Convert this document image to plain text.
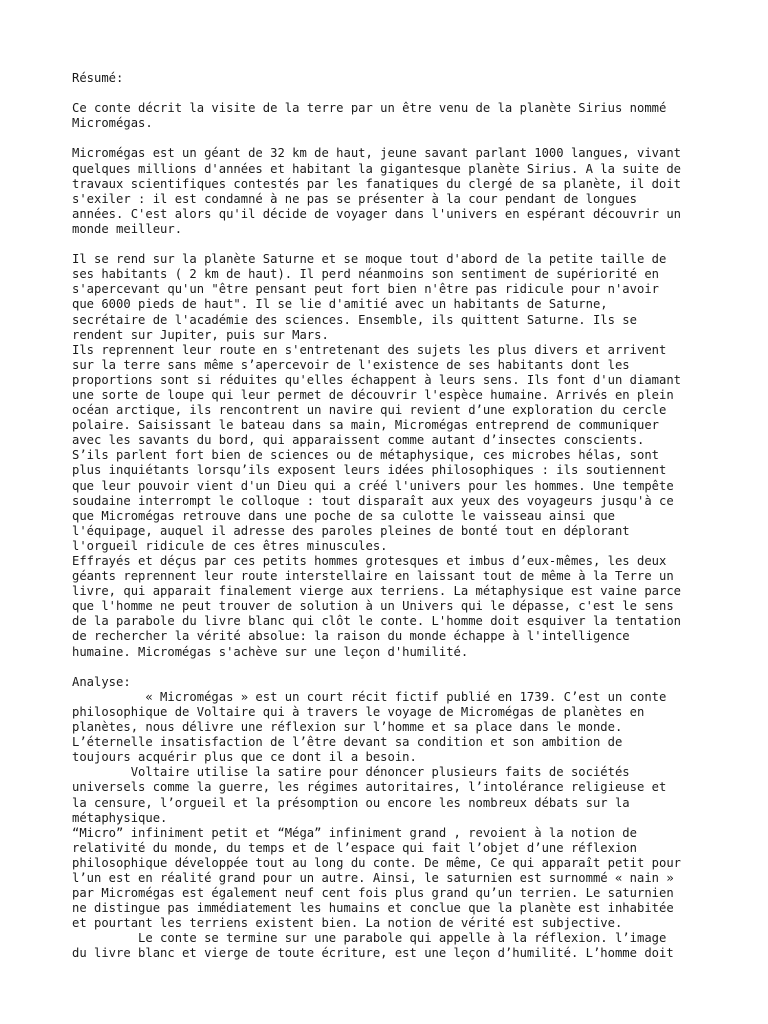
Résumé:
Ce conte décrit la visite de la terre par un être venu de la planète Sirius nommé
Micromégas.
Micromégas est un géant de 32 km de haut, jeune savant parlant 1000 langues, vivant
quelques millions d'années et habitant la gigantesque planète Sirius. A la suite de
travaux scientifiques contestés par les fanatiques du clergé de sa planète, il doit
s'exiler : il est condamné à ne pas se présenter à la cour pendant de longues
années. C'est alors qu'il décide de voyager dans l'univers en espérant découvrir un
monde meilleur.
Il se rend sur la planète Saturne et se moque tout d'abord de la petite taille de
ses habitants ( 2 km de haut). Il perd néanmoins son sentiment de supériorité en
s'apercevant qu'un "être pensant peut fort bien n'être pas ridicule pour n'avoir
que 6000 pieds de haut". Il se lie d'amitié avec un habitants de Saturne,
secrétaire de l'académie des sciences. Ensemble, ils quittent Saturne. Ils se
rendent sur Jupiter, puis sur Mars.
Ils reprennent leur route en s'entretenant des sujets les plus divers et arrivent
sur la terre sans même s’apercevoir de l'existence de ses habitants dont les
proportions sont si réduites qu'elles échappent à leurs sens. Ils font d'un diamant
une sorte de loupe qui leur permet de découvrir l'espèce humaine. Arrivés en plein
océan arctique, ils rencontrent un navire qui revient d’une exploration du cercle
polaire. Saisissant le bateau dans sa main, Micromégas entreprend de communiquer
avec les savants du bord, qui apparaissent comme autant d’insectes conscients.
S’ils parlent fort bien de sciences ou de métaphysique, ces microbes hélas, sont
plus inquiétants lorsqu’ils exposent leurs idées philosophiques : ils soutiennent
que leur pouvoir vient d'un Dieu qui a créé l'univers pour les hommes. Une tempête
soudaine interrompt le colloque : tout disparaît aux yeux des voyageurs jusqu'à ce
que Micromégas retrouve dans une poche de sa culotte le vaisseau ainsi que
l'équipage, auquel il adresse des paroles pleines de bonté tout en déplorant
l'orgueil ridicule de ces êtres minuscules.
Effrayés et déçus par ces petits hommes grotesques et imbus d’eux-mêmes, les deux
géants reprennent leur route interstellaire en laissant tout de même à la Terre un
livre, qui apparait finalement vierge aux terriens. La métaphysique est vaine parce
que l'homme ne peut trouver de solution à un Univers qui le dépasse, c'est le sens
de la parabole du livre blanc qui clôt le conte. L'homme doit esquiver la tentation
de rechercher la vérité absolue: la raison du monde échappe à l'intelligence
humaine. Micromégas s'achève sur une leçon d'humilité.
Analyse:
« Micromégas » est un court récit fictif publié en 1739. C’est un conte
philosophique de Voltaire qui à travers le voyage de Micromégas de planètes en
planètes, nous délivre une réflexion sur l’homme et sa place dans le monde.
L’éternelle insatisfaction de l’être devant sa condition et son ambition de
toujours acquérir plus que ce dont il a besoin.
Voltaire utilise la satire pour dénoncer plusieurs faits de sociétés
universels comme la guerre, les régimes autoritaires, l’intolérance religieuse et
la censure, l’orgueil et la présomption ou encore les nombreux débats sur la
métaphysique.
“Micro” infiniment petit et “Méga” infiniment grand , revoient à la notion de
relativité du monde, du temps et de l’espace qui fait l’objet d’une réflexion
philosophique développée tout au long du conte. De même, Ce qui apparaît petit pour
l’un est en réalité grand pour un autre. Ainsi, le saturnien est surnommé « nain »
par Micromégas est également neuf cent fois plus grand qu’un terrien. Le saturnien
ne distingue pas immédiatement les humains et conclue que la planète est inhabitée
et pourtant les terriens existent bien. La notion de vérité est subjective.
Le conte se termine sur une parabole qui appelle à la réflexion. l’image
du livre blanc et vierge de toute écriture, est une leçon d’humilité. L’homme doit
